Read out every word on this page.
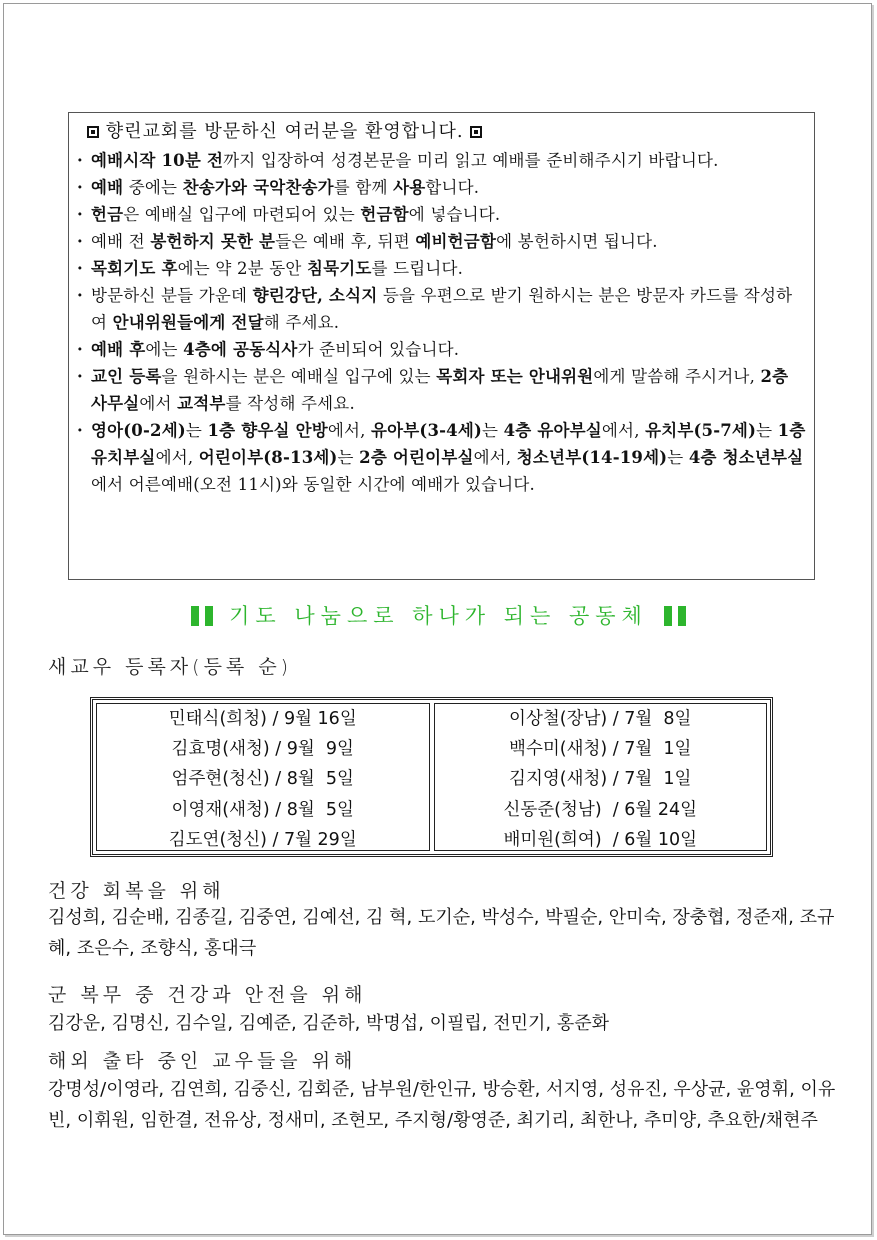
향린교회를 방문하신 여러분을 환영합니다.
· 예배시작 10분 전까지 입장하여 성경본문을 미리 읽고 예배를 준비해주시기 바랍니다.
· 예배 중에는 찬송가와 국악찬송가를 함께 사용합니다.
· 헌금은 예배실 입구에 마련되어 있는 헌금함에 넣습니다.
· 예배 전 봉헌하지 못한 분들은 예배 후, 뒤편 예비헌금함에 봉헌하시면 됩니다.
· 목회기도 후에는 약 2분 동안 침묵기도를 드립니다.
· 방문하신 분들 가운데 향린강단, 소식지 등을 우편으로 받기 원하시는 분은 방문자 카드를 작성하여 안내위원들에게 전달해 주세요.
· 예배 후에는 4층에 공동식사가 준비되어 있습니다.
· 교인 등록을 원하시는 분은 예배실 입구에 있는 목회자 또는 안내위원에게 말씀해 주시거나, 2층 사무실에서 교적부를 작성해 주세요.
· 영아(0-2세)는 1층 향우실 안방에서, 유아부(3-4세)는 4층 유아부실에서, 유치부(5-7세)는 1층 유치부실에서, 어린이부(8-13세)는 2층 어린이부실에서, 청소년부(14-19세)는 4층 청소년부실에서 어른예배(오전 11시)와 동일한 시간에 예배가 있습니다.
기도 나눔으로 하나가 되는 공동체
새교우 등록자(등록 순)
민태식(희청) / 9월 16일
김효명(새청) / 9월  9일
엄주현(청신) / 8월  5일
이영재(새청) / 8월  5일
김도연(청신) / 7월 29일
이상철(장남) / 7월  8일
백수미(새청) / 7월  1일
김지영(새청) / 7월  1일
신동준(청남)  / 6월 24일
배미원(희여)  / 6월 10일
건강 회복을 위해
김성희, 김순배, 김종길, 김중연, 김예선, 김 혁, 도기순, 박성수, 박필순, 안미숙, 장충협, 정준재, 조규혜, 조은수, 조향식, 홍대극
군 복무 중 건강과 안전을 위해
김강운, 김명신, 김수일, 김예준, 김준하, 박명섭, 이필립, 전민기, 홍준화
해외 출타 중인 교우들을 위해
강명성/이영라, 김연희, 김중신, 김회준, 남부원/한인규, 방승환, 서지영, 성유진, 우상균, 윤영휘, 이유빈, 이휘원, 임한결, 전유상, 정새미, 조현모, 주지형/황영준, 최기리, 최한나, 추미양, 추요한/채현주
